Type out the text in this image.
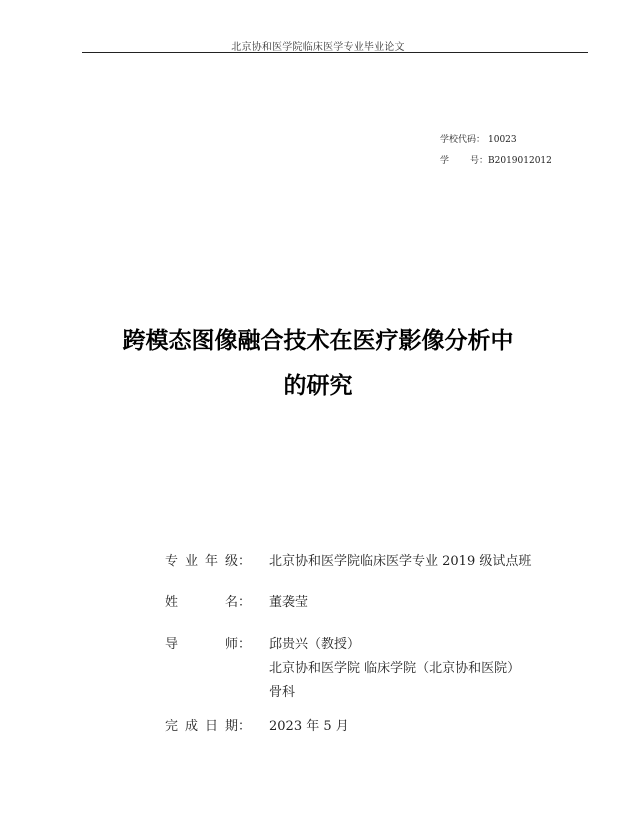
北京协和医学院临床医学专业毕业论文
学校代码： 10023
学 号： B2019012012
跨模态图像融合技术在医疗影像分析中
的研究
专 业 年 级： 北京协和医学院临床医学专业 2019 级试点班
姓	名： 董袭莹
导	师： 邱贵兴（教授）
北京协和医学院 临床学院（北京协和医院）
骨科
完 成 日 期： 2023 年 5 月
